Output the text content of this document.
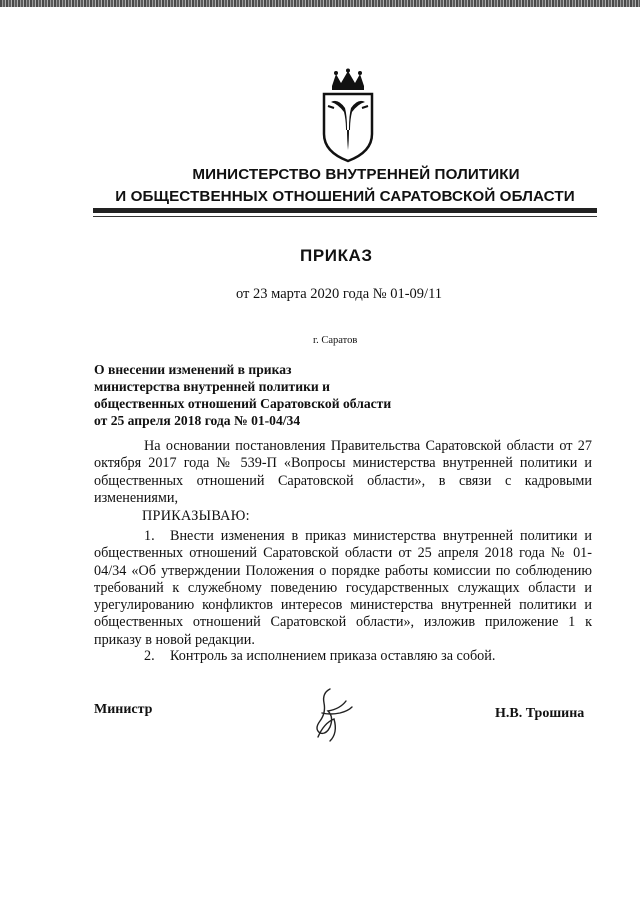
МИНИСТЕРСТВО ВНУТРЕННЕЙ ПОЛИТИКИ
И ОБЩЕСТВЕННЫХ ОТНОШЕНИЙ САРАТОВСКОЙ ОБЛАСТИ
ПРИКАЗ
от 23 марта 2020 года № 01-09/11
г. Саратов
О внесении изменений в приказ
министерства внутренней политики и
общественных отношений Саратовской области
от 25 апреля 2018 года № 01-04/34
На основании постановления Правительства Саратовской области от 27 октября 2017 года № 539-П «Вопросы министерства внутренней политики и общественных отношений Саратовской области», в связи с кадровыми изменениями,
ПРИКАЗЫВАЮ:
1. Внести изменения в приказ министерства внутренней политики и общественных отношений Саратовской области от 25 апреля 2018 года № 01-04/34 «Об утверждении Положения о порядке работы комиссии по соблюдению требований к служебному поведению государственных служащих области и урегулированию конфликтов интересов министерства внутренней политики и общественных отношений Саратовской области», изложив приложение 1 к приказу в новой редакции.
2. Контроль за исполнением приказа оставляю за собой.
Министр	Н.В. Трошина
